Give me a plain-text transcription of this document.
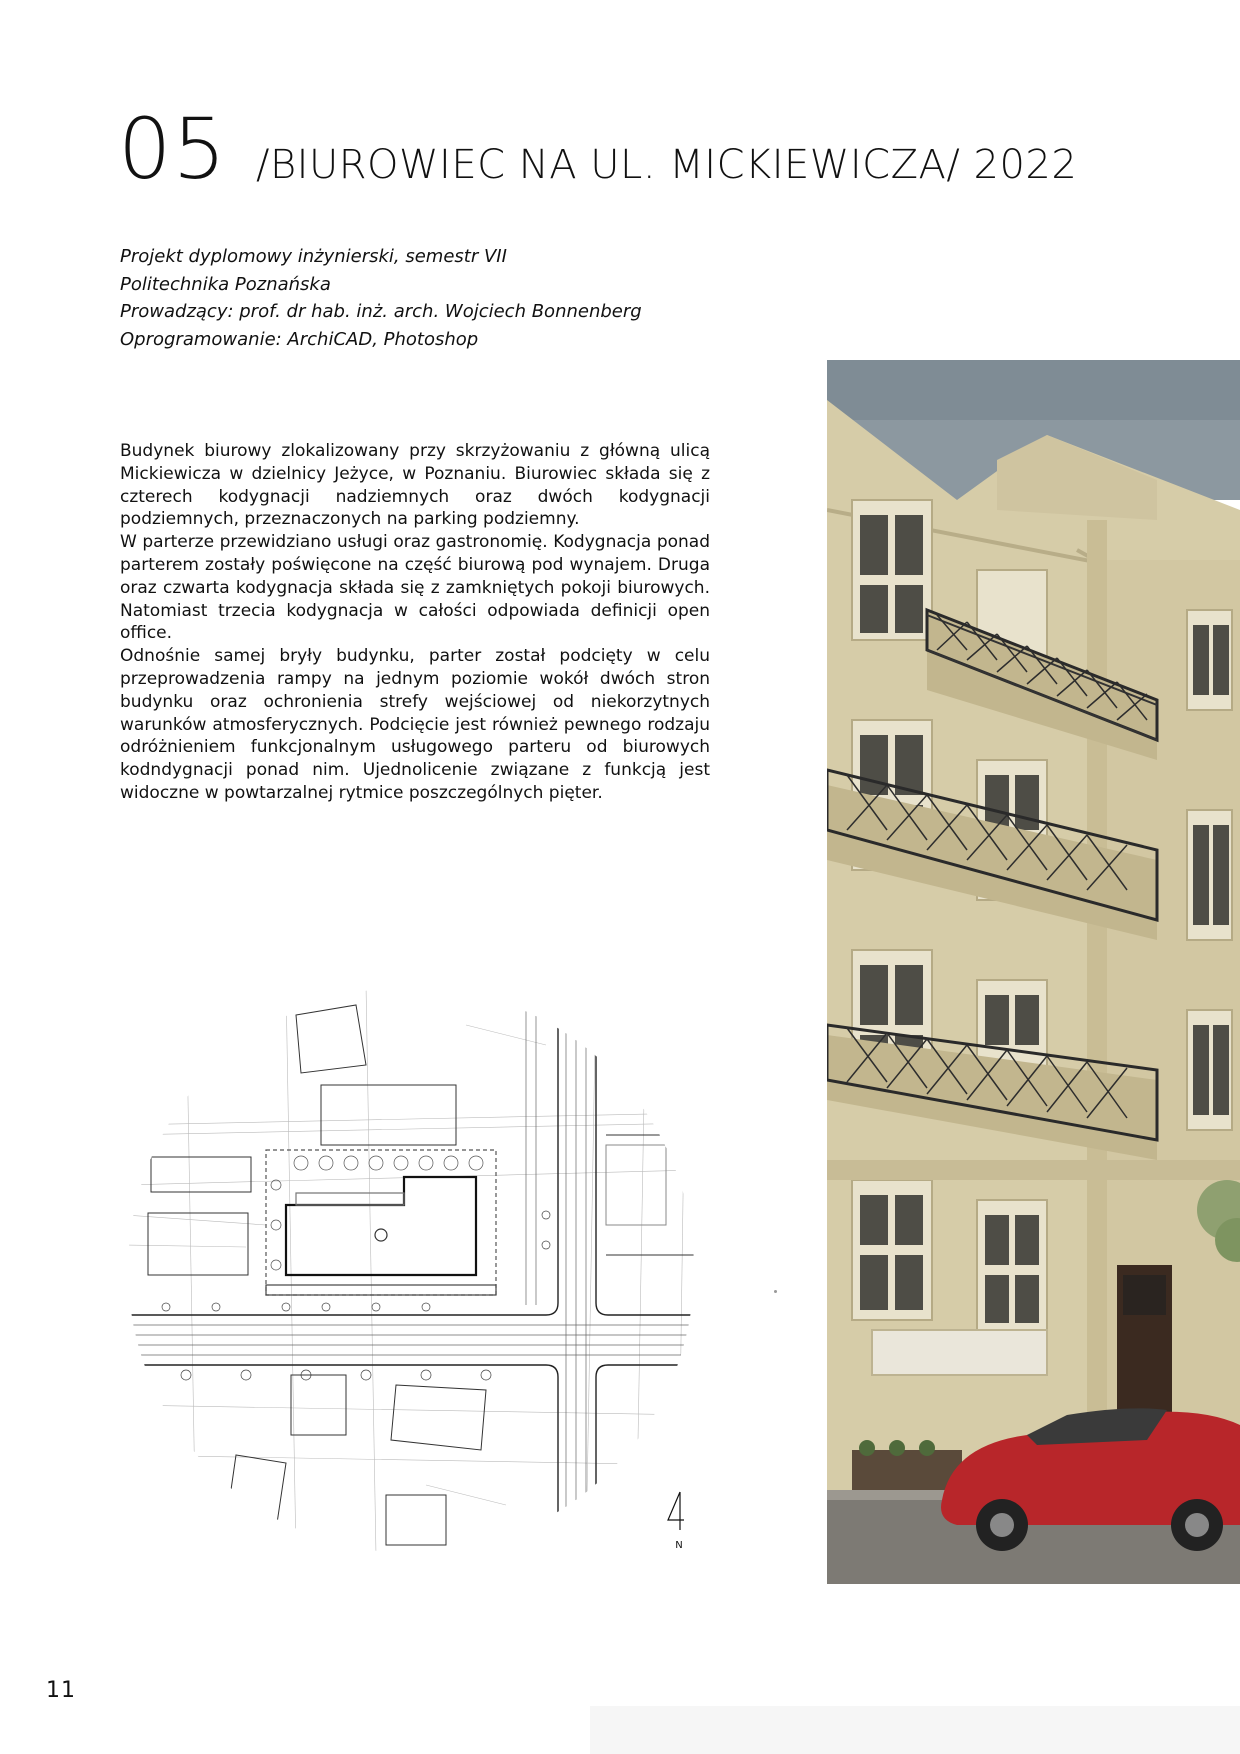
05 /BIUROWIEC NA UL. MICKIEWICZA/ 2022
Projekt dyplomowy inżynierski, semestr VII
Politechnika Poznańska
Prowadzący: prof. dr hab. inż. arch. Wojciech Bonnenberg
Oprogramowanie: ArchiCAD, Photoshop

Budynek biurowy zlokalizowany przy skrzyżowaniu z główną ulicą Mickiewicza w dzielnicy Jeżyce, w Poznaniu. Biurowiec składa się z czterech kodygnacji nadziemnych oraz dwóch kodygnacji podziemnych, przeznaczonych na parking podziemny.

W parterze przewidziano usługi oraz gastronomię. Kodygnacja ponad parterem zostały poświęcone na część biurową pod wynajem. Druga oraz czwarta kodygnacja składa się z zamkniętych pokoji biurowych. Natomiast trzecia kodygnacja w całości odpowiada definicji open office.

Odnośnie samej bryły budynku, parter został podcięty w celu przeprowadzenia rampy na jednym poziomie wokół dwóch stron budynku oraz ochronienia strefy wejściowej od niekorzytnych warunków atmosferycznych. Podcięcie jest również pewnego rodzaju odróżnieniem funkcjonalnym usługowego parteru od biurowych kodndygnacji ponad nim. Ujednolicenie związane z funkcją jest widoczne w powtarzalnej rytmice poszczególnych pięter.

N
11
